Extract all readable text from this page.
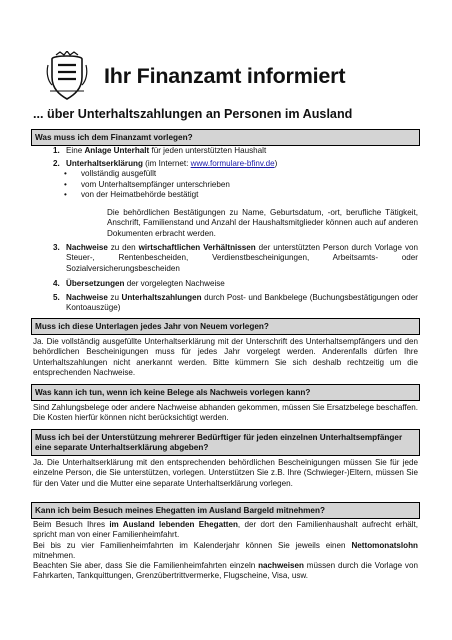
Ihr Finanzamt informiert
... über Unterhaltszahlungen an Personen im Ausland
Was muss ich dem Finanzamt vorlegen?
1. Eine Anlage Unterhalt für jeden unterstützten Haushalt
2. Unterhaltserklärung (im Internet: www.formulare-bfinv.de)
• vollständig ausgefüllt
• vom Unterhaltsempfänger unterschrieben
• von der Heimatbehörde bestätigt
Die behördlichen Bestätigungen zu Name, Geburtsdatum, -ort, berufliche Tätigkeit, Anschrift, Familienstand und Anzahl der Haushaltsmitglieder können auch auf anderen Dokumenten erbracht werden.
3. Nachweise zu den wirtschaftlichen Verhältnissen der unterstützten Person durch Vorlage von Steuer-, Rentenbescheiden, Verdienstbescheinigungen, Arbeitsamts- oder Sozialversicherungsbescheiden
4. Übersetzungen der vorgelegten Nachweise
5. Nachweise zu Unterhaltszahlungen durch Post- und Bankbelege (Buchungsbestätigungen oder Kontoauszüge)
Muss ich diese Unterlagen jedes Jahr von Neuem vorlegen?
Ja. Die vollständig ausgefüllte Unterhaltserklärung mit der Unterschrift des Unterhaltsempfängers und den behördlichen Bescheinigungen muss für jedes Jahr vorgelegt werden. Anderenfalls dürfen Ihre Unterhaltszahlungen nicht anerkannt werden. Bitte kümmern Sie sich deshalb rechtzeitig um die entsprechenden Nachweise.
Was kann ich tun, wenn ich keine Belege als Nachweis vorlegen kann?
Sind Zahlungsbelege oder andere Nachweise abhanden gekommen, müssen Sie Ersatzbelege beschaffen. Die Kosten hierfür können nicht berücksichtigt werden.
Muss ich bei der Unterstützung mehrerer Bedürftiger für jeden einzelnen Unterhaltsempfänger eine separate Unterhaltserklärung abgeben?
Ja. Die Unterhaltserklärung mit den entsprechenden behördlichen Bescheinigungen müssen Sie für jede einzelne Person, die Sie unterstützen, vorlegen. Unterstützen Sie z.B. Ihre (Schwieger-)Eltern, müssen Sie für den Vater und die Mutter eine separate Unterhaltserklärung vorlegen.
Kann ich beim Besuch meines Ehegatten im Ausland Bargeld mitnehmen?
Beim Besuch Ihres im Ausland lebenden Ehegatten, der dort den Familienhaushalt aufrecht erhält, spricht man von einer Familienheimfahrt.
Bei bis zu vier Familienheimfahrten im Kalenderjahr können Sie jeweils einen Nettomonatslohn mitnehmen.
Beachten Sie aber, dass Sie die Familienheimfahrten einzeln nachweisen müssen durch die Vorlage von Fahrkarten, Tankquittungen, Grenzübertrittvermerke, Flugscheine, Visa, usw.
